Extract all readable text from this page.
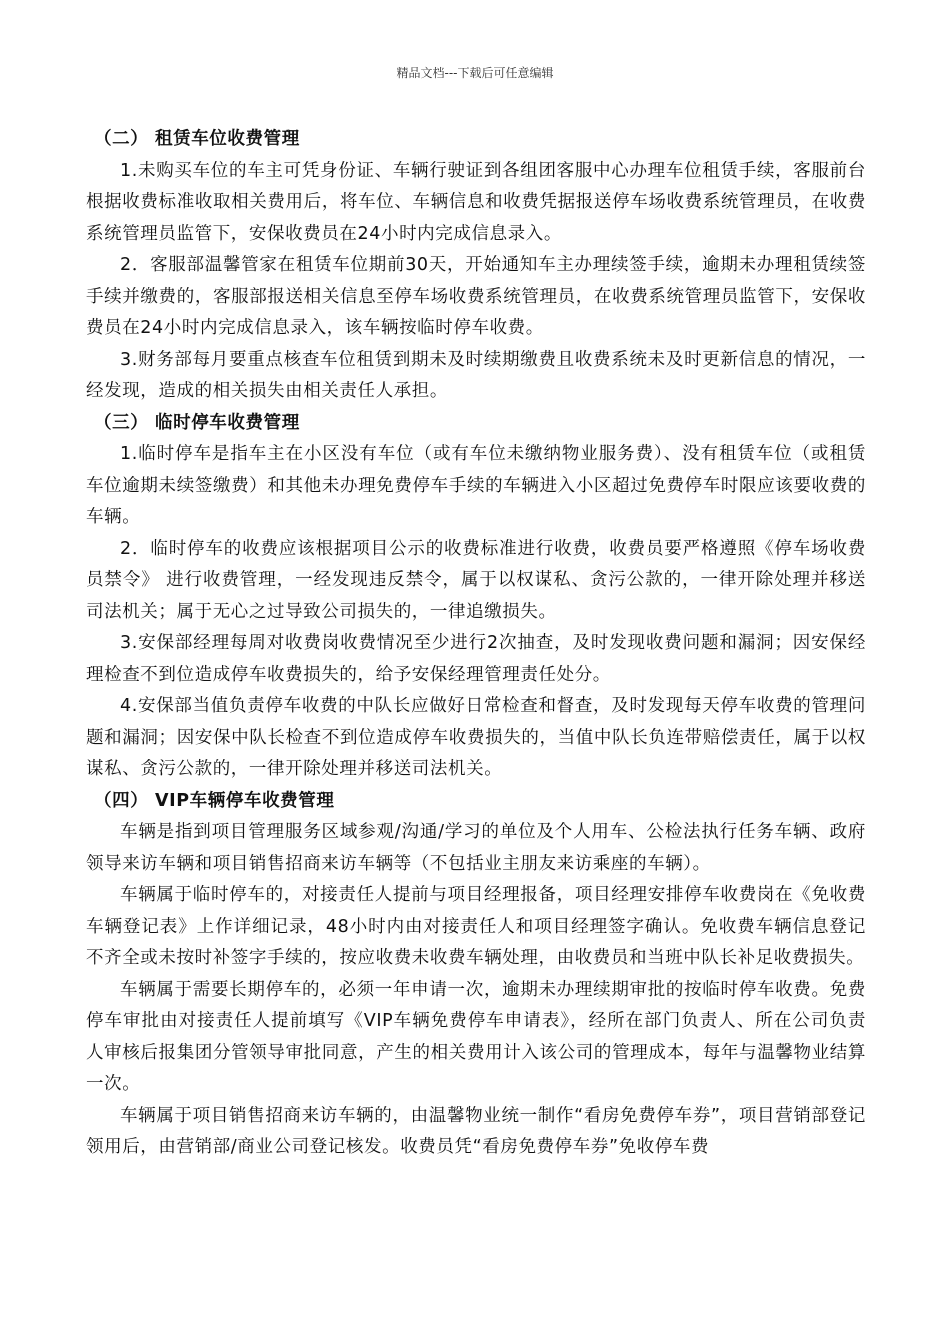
精品文档---下载后可任意编辑

（二） 租赁车位收费管理

1.未购买车位的车主可凭身份证、车辆行驶证到各组团客服中心办理车位租赁手续，客服前台根据收费标准收取相关费用后，将车位、车辆信息和收费凭据报送停车场收费系统管理员，在收费系统管理员监管下，安保收费员在24小时内完成信息录入。

2．客服部温馨管家在租赁车位期前30天，开始通知车主办理续签手续，逾期未办理租赁续签手续并缴费的，客服部报送相关信息至停车场收费系统管理员，在收费系统管理员监管下，安保收费员在24小时内完成信息录入，该车辆按临时停车收费。

3.财务部每月要重点核查车位租赁到期未及时续期缴费且收费系统未及时更新信息的情况，一经发现，造成的相关损失由相关责任人承担。

（三） 临时停车收费管理

1.临时停车是指车主在小区没有车位（或有车位未缴纳物业服务费）、没有租赁车位（或租赁车位逾期未续签缴费）和其他未办理免费停车手续的车辆进入小区超过免费停车时限应该要收费的车辆。

2．临时停车的收费应该根据项目公示的收费标准进行收费，收费员要严格遵照《停车场收费员禁令》 进行收费管理，一经发现违反禁令，属于以权谋私、贪污公款的，一律开除处理并移送司法机关；属于无心之过导致公司损失的，一律追缴损失。

3.安保部经理每周对收费岗收费情况至少进行2次抽查，及时发现收费问题和漏洞；因安保经理检查不到位造成停车收费损失的，给予安保经理管理责任处分。

4.安保部当值负责停车收费的中队长应做好日常检查和督查，及时发现每天停车收费的管理问题和漏洞；因安保中队长检查不到位造成停车收费损失的，当值中队长负连带赔偿责任，属于以权谋私、贪污公款的，一律开除处理并移送司法机关。

（四） VIP车辆停车收费管理

车辆是指到项目管理服务区域参观/沟通/学习的单位及个人用车、公检法执行任务车辆、政府领导来访车辆和项目销售招商来访车辆等（不包括业主朋友来访乘座的车辆）。

车辆属于临时停车的，对接责任人提前与项目经理报备，项目经理安排停车收费岗在《免收费车辆登记表》上作详细记录，48小时内由对接责任人和项目经理签字确认。免收费车辆信息登记不齐全或未按时补签字手续的，按应收费未收费车辆处理，由收费员和当班中队长补足收费损失。

车辆属于需要长期停车的，必须一年申请一次，逾期未办理续期审批的按临时停车收费。免费停车审批由对接责任人提前填写《VIP车辆免费停车申请表》，经所在部门负责人、所在公司负责人审核后报集团分管领导审批同意，产生的相关费用计入该公司的管理成本，每年与温馨物业结算一次。

车辆属于项目销售招商来访车辆的，由温馨物业统一制作“看房免费停车券”，项目营销部登记领用后，由营销部/商业公司登记核发。收费员凭“看房免费停车券”免收停车费
